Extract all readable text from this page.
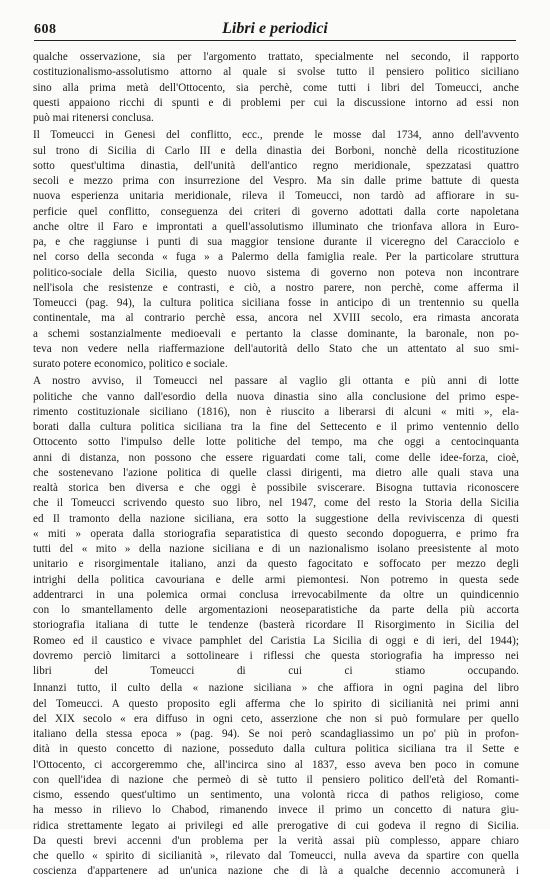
608	Libri e periodici
qualche osservazione, sia per l'argomento trattato, specialmente nel secondo, il rapporto
costituzionalismo-assolutismo attorno al quale si svolse tutto il pensiero politico siciliano
sino alla prima metà dell'Ottocento, sia perchè, come tutti i libri del Tomeucci, anche
questi appaiono ricchi di spunti e di problemi per cui la discussione intorno ad essi non
può mai ritenersi conclusa.
Il Tomeucci in Genesi del conflitto, ecc., prende le mosse dal 1734, anno dell'avvento
sul trono di Sicilia di Carlo III e della dinastia dei Borboni, nonchè della ricostituzione
sotto quest'ultima dinastia, dell'unità dell'antico regno meridionale, spezzatasi quattro
secoli e mezzo prima con insurrezione del Vespro. Ma sin dalle prime battute di questa
nuova esperienza unitaria meridionale, rileva il Tomeucci, non tardò ad affiorare in su-
perficie quel conflitto, conseguenza dei criteri di governo adottati dalla corte napoletana
anche oltre il Faro e improntati a quell'assolutismo illuminato che trionfava allora in Euro-
pa, e che raggiunse i punti di sua maggior tensione durante il viceregno del Caracciolo e
nel corso della seconda « fuga » a Palermo della famiglia reale. Per la particolare struttura
politico-sociale della Sicilia, questo nuovo sistema di governo non poteva non incontrare
nell'isola che resistenze e contrasti, e ciò, a nostro parere, non perchè, come afferma il
Tomeucci (pag. 94), la cultura politica siciliana fosse in anticipo di un trentennio su quella
continentale, ma al contrario perchè essa, ancora nel XVIII secolo, era rimasta ancorata
a schemi sostanzialmente medioevali e pertanto la classe dominante, la baronale, non po-
teva non vedere nella riaffermazione dell'autorità dello Stato che un attentato al suo smi-
surato potere economico, politico e sociale.
A nostro avviso, il Tomeucci nel passare al vaglio gli ottanta e più anni di lotte
politiche che vanno dall'esordio della nuova dinastia sino alla conclusione del primo espe-
rimento costituzionale siciliano (1816), non è riuscito a liberarsi di alcuni « miti », ela-
borati dalla cultura politica siciliana tra la fine del Settecento e il primo ventennio dello
Ottocento sotto l'impulso delle lotte politiche del tempo, ma che oggi a centocinquanta
anni di distanza, non possono che essere riguardati come tali, come delle idee-forza, cioè,
che sostenevano l'azione politica di quelle classi dirigenti, ma dietro alle quali stava una
realtà storica ben diversa e che oggi è possibile sviscerare. Bisogna tuttavia riconoscere
che il Tomeucci scrivendo questo suo libro, nel 1947, come del resto la Storia della Sicilia
ed Il tramonto della nazione siciliana, era sotto la suggestione della reviviscenza di questi
« miti » operata dalla storiografia separatistica di questo secondo dopoguerra, e primo fra
tutti del « mito » della nazione siciliana e di un nazionalismo isolano preesistente al moto
unitario e risorgimentale italiano, anzi da questo fagocitato e soffocato per mezzo degli
intrighi della politica cavouriana e delle armi piemontesi. Non potremo in questa sede
addentrarci in una polemica ormai conclusa irrevocabilmente da oltre un quindicennio
con lo smantellamento delle argomentazioni neoseparatistiche da parte della più accorta
storiografia italiana di tutte le tendenze (basterà ricordare Il Risorgimento in Sicilia del
Romeo ed il caustico e vivace pamphlet del Caristia La Sicilia di oggi e di ieri, del 1944);
dovremo perciò limitarci a sottolineare i riflessi che questa storiografia ha impresso nei
libri del Tomeucci di cui ci stiamo occupando.
Innanzi tutto, il culto della « nazione siciliana » che affiora in ogni pagina del libro
del Tomeucci. A questo proposito egli afferma che lo spirito di sicilianità nei primi anni
del XIX secolo « era diffuso in ogni ceto, asserzione che non si può formulare per quello
italiano della stessa epoca » (pag. 94). Se noi però scandagliassimo un po' più in profon-
dità in questo concetto di nazione, posseduto dalla cultura politica siciliana tra il Sette e
l'Ottocento, ci accorgeremmo che, all'incirca sino al 1837, esso aveva ben poco in comune
con quell'idea di nazione che permeò di sè tutto il pensiero politico dell'età del Romanti-
cismo, essendo quest'ultimo un sentimento, una volontà ricca di pathos religioso, come
ha messo in rilievo lo Chabod, rimanendo invece il primo un concetto di natura giu-
ridica strettamente legato ai privilegi ed alle prerogative di cui godeva il regno di Sicilia.
Da questi brevi accenni d'un problema per la verità assai più complesso, appare chiaro
che quello « spirito di sicilianità », rilevato dal Tomeucci, nulla aveva da spartire con quella
coscienza d'appartenere ad un'unica nazione che di là a qualche decennio accomunerà i
